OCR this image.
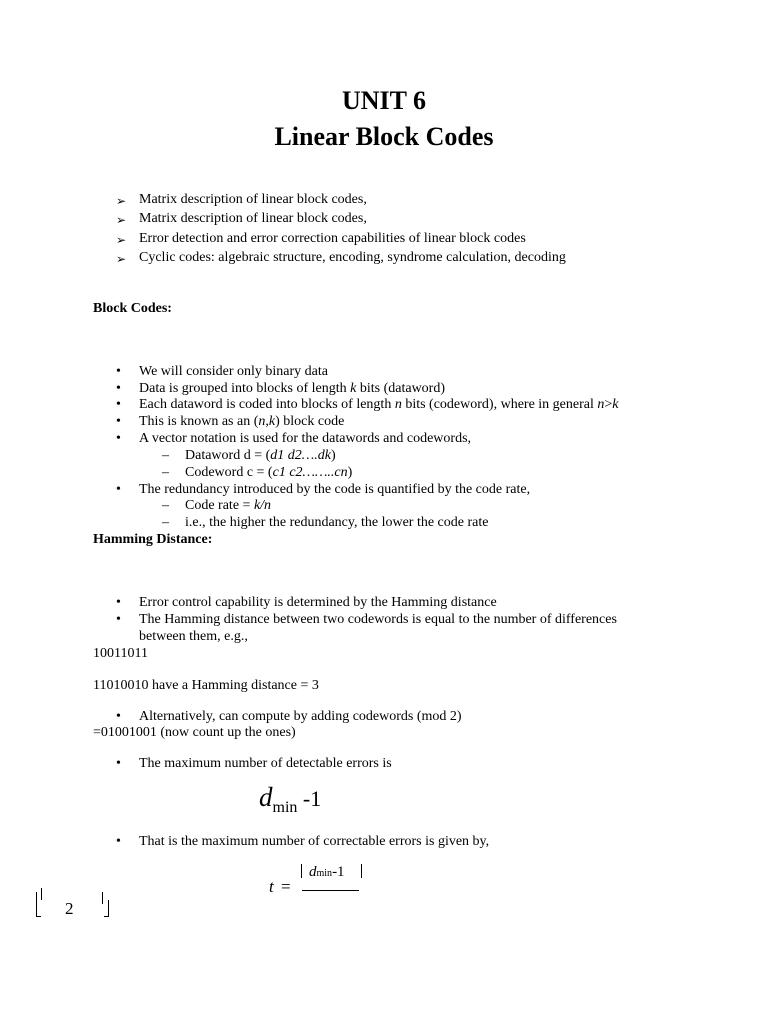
UNIT 6
Linear Block Codes
➢ Matrix description of linear block codes,
➢ Matrix description of linear block codes,
➢ Error detection and error correction capabilities of linear block codes
➢ Cyclic codes: algebraic structure, encoding, syndrome calculation, decoding
Block Codes:
• We will consider only binary data
• Data is grouped into blocks of length k bits (dataword)
• Each dataword is coded into blocks of length n bits (codeword), where in general n>k
• This is known as an (n,k) block code
• A vector notation is used for the datawords and codewords,
– Dataword d = (d1 d2….dk)
– Codeword c = (c1 c2……..cn)
• The redundancy introduced by the code is quantified by the code rate,
– Code rate = k/n
– i.e., the higher the redundancy, the lower the code rate
Hamming Distance:
• Error control capability is determined by the Hamming distance
• The Hamming distance between two codewords is equal to the number of differences
between them, e.g.,
10011011
11010010 have a Hamming distance = 3
• Alternatively, can compute by adding codewords (mod 2)
=01001001 (now count up the ones)
• The maximum number of detectable errors is
dmin -1
• That is the maximum number of correctable errors is given by,
t =
dmin-1
2
